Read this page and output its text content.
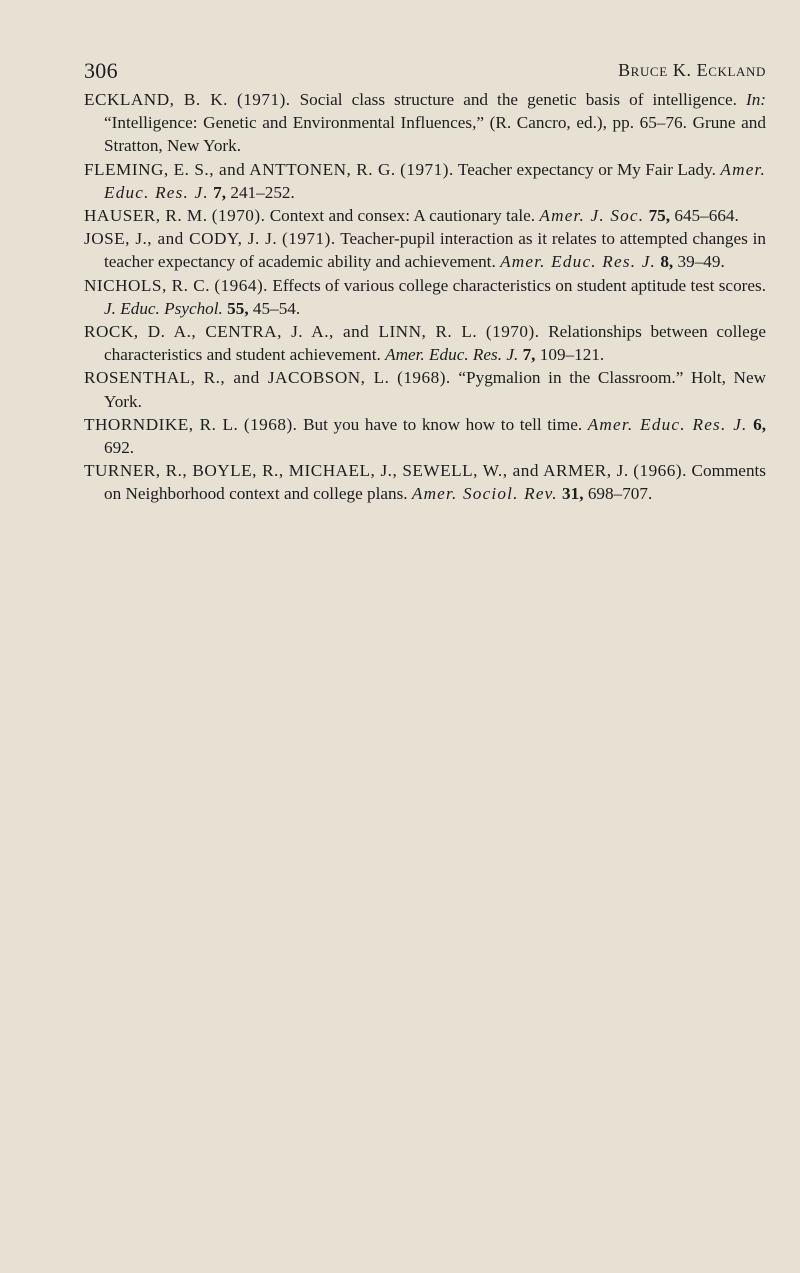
306	Bruce K. Eckland
ECKLAND, B. K. (1971). Social class structure and the genetic basis of intelligence. In: “Intelligence: Genetic and Environmental Influences,” (R. Cancro, ed.), pp. 65–76. Grune and Stratton, New York.
FLEMING, E. S., and ANTTONEN, R. G. (1971). Teacher expectancy or My Fair Lady. Amer. Educ. Res. J. 7, 241–252.
HAUSER, R. M. (1970). Context and consex: A cautionary tale. Amer. J. Soc. 75, 645–664.
JOSE, J., and CODY, J. J. (1971). Teacher-pupil interaction as it relates to attempted changes in teacher expectancy of academic ability and achievement. Amer. Educ. Res. J. 8, 39–49.
NICHOLS, R. C. (1964). Effects of various college characteristics on student aptitude test scores. J. Educ. Psychol. 55, 45–54.
ROCK, D. A., CENTRA, J. A., and LINN, R. L. (1970). Relationships between college characteristics and student achievement. Amer. Educ. Res. J. 7, 109–121.
ROSENTHAL, R., and JACOBSON, L. (1968). “Pygmalion in the Classroom.” Holt, New York.
THORNDIKE, R. L. (1968). But you have to know how to tell time. Amer. Educ. Res. J. 6, 692.
TURNER, R., BOYLE, R., MICHAEL, J., SEWELL, W., and ARMER, J. (1966). Comments on Neighborhood context and college plans. Amer. Sociol. Rev. 31, 698–707.
